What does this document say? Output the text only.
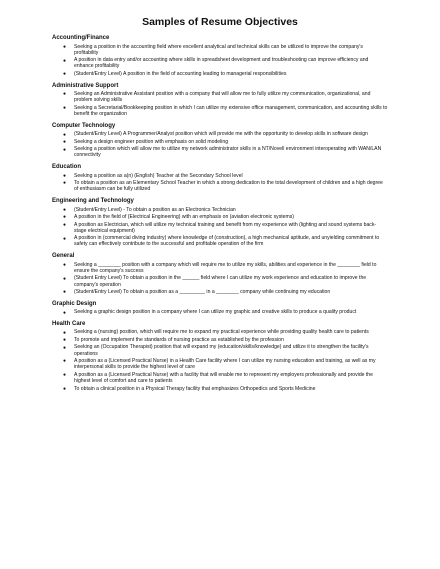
Samples of Resume Objectives
Accounting/Finance
● Seeking a position in the accounting field where excellent analytical and technical skills can be utilized to improve the company's profitability
● A position in data entry and/or accounting where skills in spreadsheet development and troubleshooting can improve efficiency and enhance profitability
● (Student/Entry Level) A position in the field of accounting leading to managerial responsibilities
Administrative Support
● Seeking an Administrative Assistant position with a company that will allow me to fully utilize my communication, organizational, and problem solving skills
● Seeking a Secretarial/Bookkeeping position in which I can utilize my extensive office management, communication, and accounting skills to benefit the organization
Computer Technology
● (Student/Entry Level) A Programmer/Analyst position which will provide me with the opportunity to develop skills in software design
● Seeking a design engineer position with emphasis on solid modeling
● Seeking a position which will allow me to utilize my network administrator skills in a NT/Novell environment interoperating with WAN/LAN connectivity
Education
● Seeking a position as a(n) (English) Teacher at the Secondary School level
● To obtain a position as an Elementary School Teacher in which a strong dedication to the total development of children and a high degree of enthusiasm can be fully utilized
Engineering and Technology
● (Student/Entry Level) - To obtain a position as an Electronics Technician
● A position in the field of (Electrical Engineering) with an emphasis on (aviation electronic systems)
● A position as Electrician, which will utilize my technical training and benefit from my experience with (lighting and sound systems back-stage electrical equipment)
● A position in (commercial diving industry) where knowledge of (construction), a high mechanical aptitude, and unyielding commitment to safety can effectively contribute to the successful and profitable operation of the firm
General
● Seeking a ________ position with a company which will require me to utilize my skills, abilities and experience in the ________ field to ensure the company's success
● (Student Entry Level) To obtain a position in the ______ field where I can utilize my work experience and education to improve the company's operation
● (Student/Entry Level) To obtain a position as a _________ in a ________ company while continuing my education
Graphic Design
● Seeking a graphic design position in a company where I can utilize my graphic and creative skills to produce a quality product
Health Care
● Seeking a (nursing) position, which will require me to expand my practical experience while providing quality health care to patients
● To promote and implement the standards of nursing practice as established by the profession
● Seeking an (Occupation Therapist) position that will expand my (education/skills/knowledge) and utilize it to strengthen the facility's operations
● A position as a (Licensed Practical Nurse) in a Health Care facility where I can utilize my nursing education and training, as well as my interpersonal skills to provide the highest level of care
● A position as a (Licensed Practical Nurse) with a facility that will enable me to represent my employers professionally and provide the highest level of comfort and care to patients
● To obtain a clinical position in a Physical Therapy facility that emphasizes Orthopedics and Sports Medicine
